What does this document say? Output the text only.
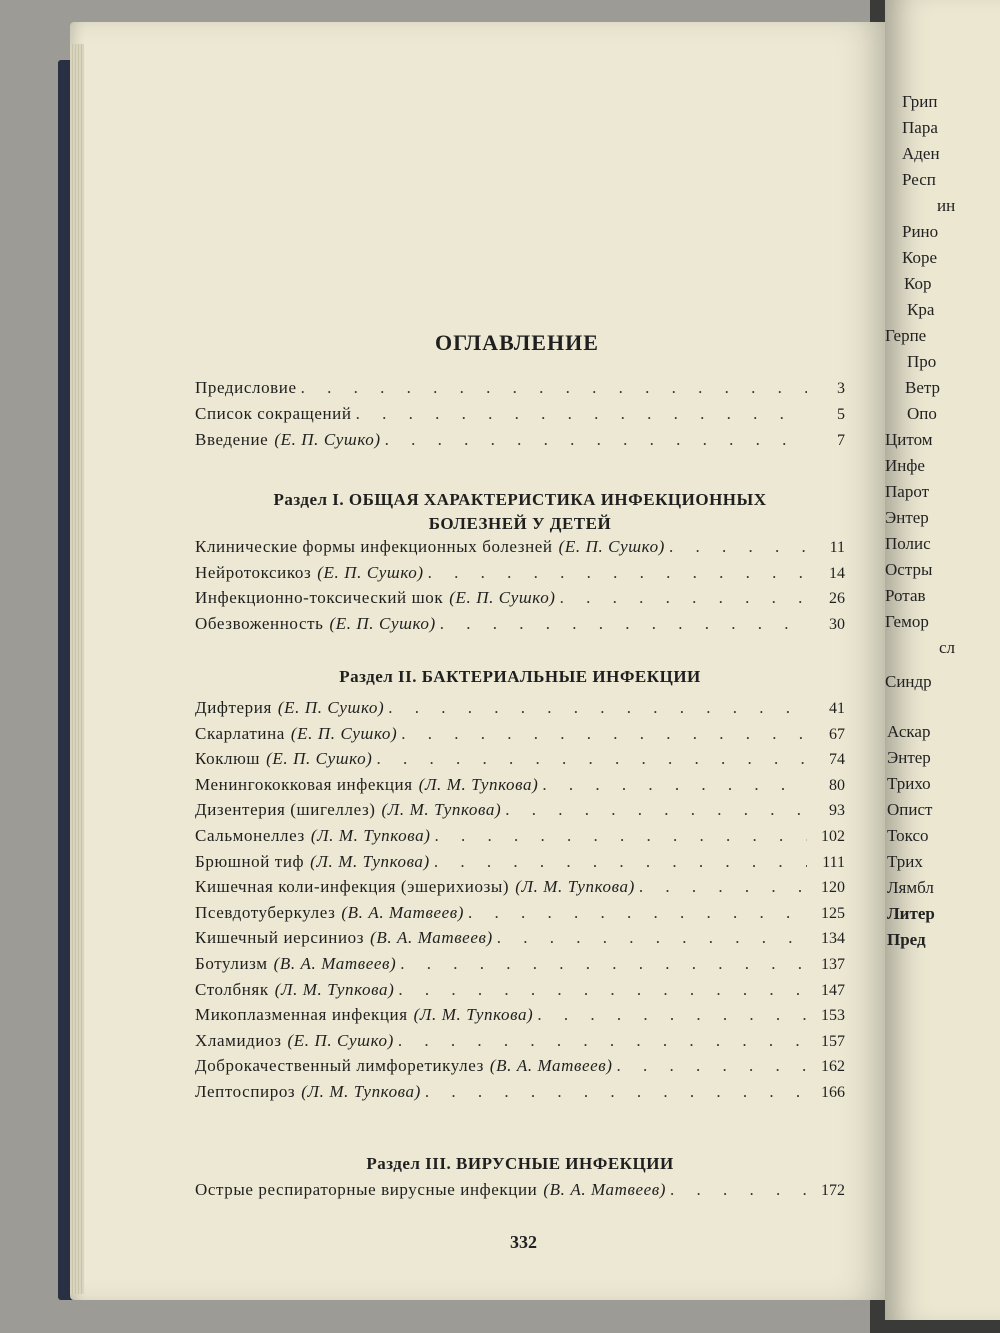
Грип
Пара
Аден
Респ
ин
Рино
Коре
Кор
Кра
Герпе
Про
Ветр
Опо
Цитом
Инфе
Парот
Энтер
Полис
Остры
Ротав
Гемор
сл
Синдр
Аскар
Энтер
Трихо
Опист
Токсо
Трих
Лямбл
Литер
Пред
ОГЛАВЛЕНИЕ
Предисловие . . .	3
Список сокращений . . .	5
Введение (Е. П. Сушко) . . .	7
Раздел I. ОБЩАЯ ХАРАКТЕРИСТИКА ИНФЕКЦИОННЫХ
БОЛЕЗНЕЙ У ДЕТЕЙ
Клинические формы инфекционных болезней (Е. П. Сушко) . . .	11
Нейротоксикоз (Е. П. Сушко) . . .	14
Инфекционно-токсический шок (Е. П. Сушко) . . .	26
Обезвоженность (Е. П. Сушко) . . .	30
Раздел II. БАКТЕРИАЛЬНЫЕ ИНФЕКЦИИ
Дифтерия (Е. П. Сушко) . . .	41
Скарлатина (Е. П. Сушко) . . .	67
Коклюш (Е. П. Сушко) . . .	74
Менингококковая инфекция (Л. М. Тупкова) . . .	80
Дизентерия (шигеллез) (Л. М. Тупкова) . . .	93
Сальмонеллез (Л. М. Тупкова) . . .	102
Брюшной тиф (Л. М. Тупкова) . . .	111
Кишечная коли-инфекция (эшерихиозы) (Л. М. Тупкова) . . .	120
Псевдотуберкулез (В. А. Матвеев) . . .	125
Кишечный иерсиниоз (В. А. Матвеев) . . .	134
Ботулизм (В. А. Матвеев) . . .	137
Столбняк (Л. М. Тупкова) . . .	147
Микоплазменная инфекция (Л. М. Тупкова) . . .	153
Хламидиоз (Е. П. Сушко) . . .	157
Доброкачественный лимфоретикулез (В. А. Матвеев) . . .	162
Лептоспироз (Л. М. Тупкова) . . .	166
Раздел III. ВИРУСНЫЕ ИНФЕКЦИИ
Острые респираторные вирусные инфекции (В. А. Матвеев) . . .	172
332
